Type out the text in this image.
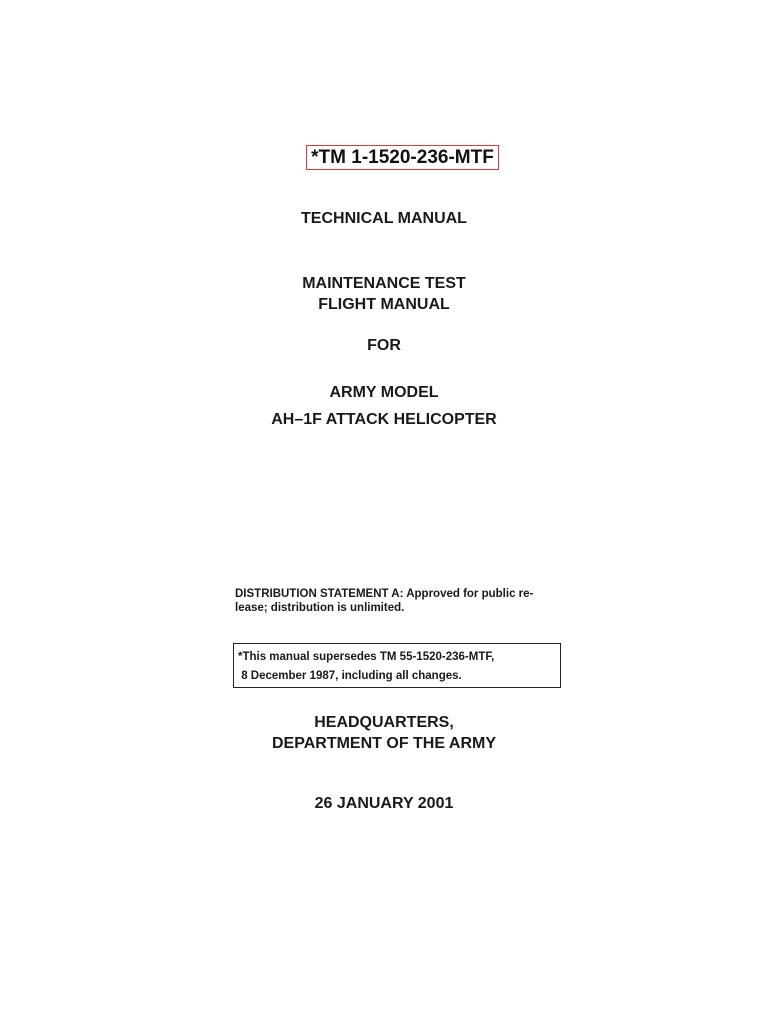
*TM 1-1520-236-MTF
TECHNICAL MANUAL
MAINTENANCE TEST
FLIGHT MANUAL
FOR
ARMY MODEL
AH–1F ATTACK HELICOPTER
DISTRIBUTION STATEMENT A: Approved for public re-
lease; distribution is unlimited.
*This manual supersedes TM 55-1520-236-MTF,
8 December 1987, including all changes.
HEADQUARTERS,
DEPARTMENT OF THE ARMY
26 JANUARY 2001
